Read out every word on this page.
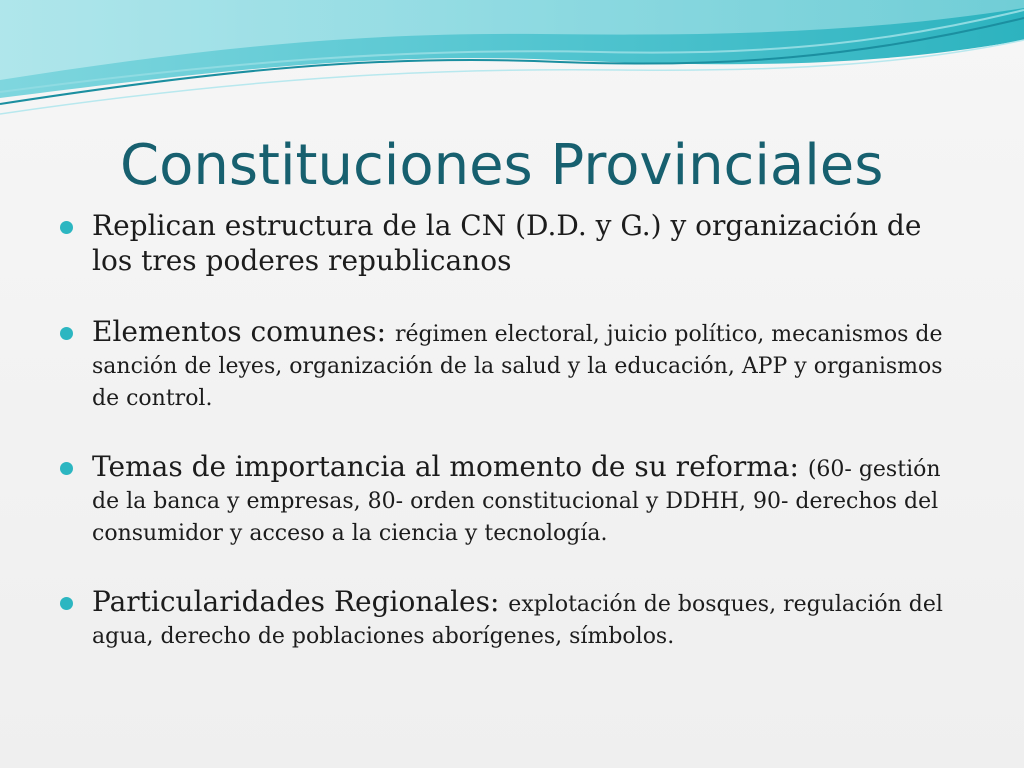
Constituciones Provinciales
Replican estructura de la CN (D.D. y G.) y organización de los tres poderes republicanos
Elementos comunes: régimen electoral, juicio político, mecanismos de sanción de leyes, organización de la salud y la educación, APP y organismos de control.
Temas de importancia al momento de su reforma: (60- gestión de la banca y empresas, 80- orden constitucional y DDHH, 90- derechos del consumidor y acceso a la ciencia y tecnología.
Particularidades Regionales: explotación de bosques, regulación del agua, derecho de poblaciones aborígenes, símbolos.
